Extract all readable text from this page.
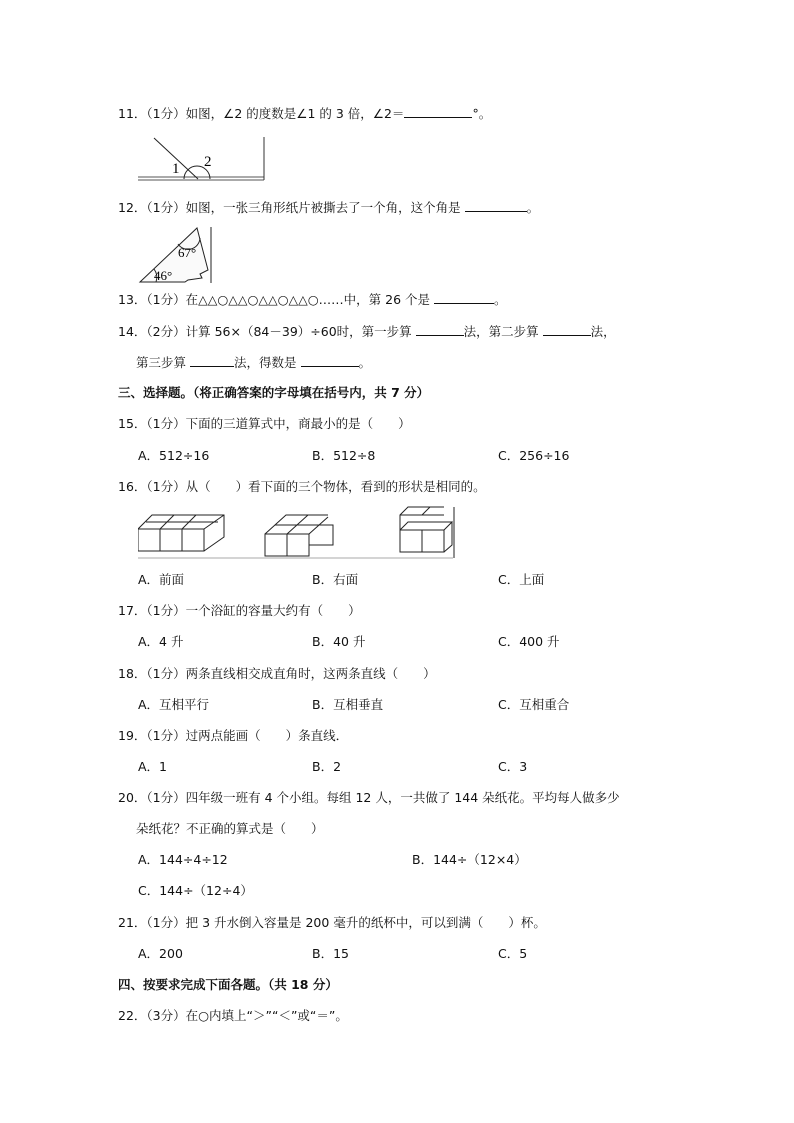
11．（1分）如图，∠2 的度数是∠1 的 3 倍，∠2＝	°。
1 2
12．（1分）如图，一张三角形纸片被撕去了一个角，这个角是	。
67°
46°
13．（1分）在△△○△△○△△○△△○……中，第 26 个是	。
14．（2分）计算 56×（84－39）÷60时，第一步算	法，第二步算	法，
第三步算	法，得数是	。
三、选择题。（将正确答案的字母填在括号内，共 7 分）
15．（1分）下面的三道算式中，商最小的是（　　）
A．512÷16	B．512÷8	C．256÷16
16．（1分）从（　　）看下面的三个物体，看到的形状是相同的。
A．前面	B．右面	C．上面
17．（1分）一个浴缸的容量大约有（　　）
A．4 升	B．40 升	C．400 升
18．（1分）两条直线相交成直角时，这两条直线（　　）
A．互相平行	B．互相垂直	C．互相重合
19．（1分）过两点能画（　　）条直线．
A．1	B．2	C．3
20．（1分）四年级一班有 4 个小组。每组 12 人，一共做了 144 朵纸花。平均每人做多少
朵纸花？不正确的算式是（　　）
A．144÷4÷12	B．144÷（12×4）
C．144÷（12÷4）
21．（1分）把 3 升水倒入容量是 200 毫升的纸杯中，可以到满（　　）杯。
A．200	B．15	C．5
四、按要求完成下面各题。（共 18 分）
22．（3分）在○内填上“＞”“＜”或“＝”。
